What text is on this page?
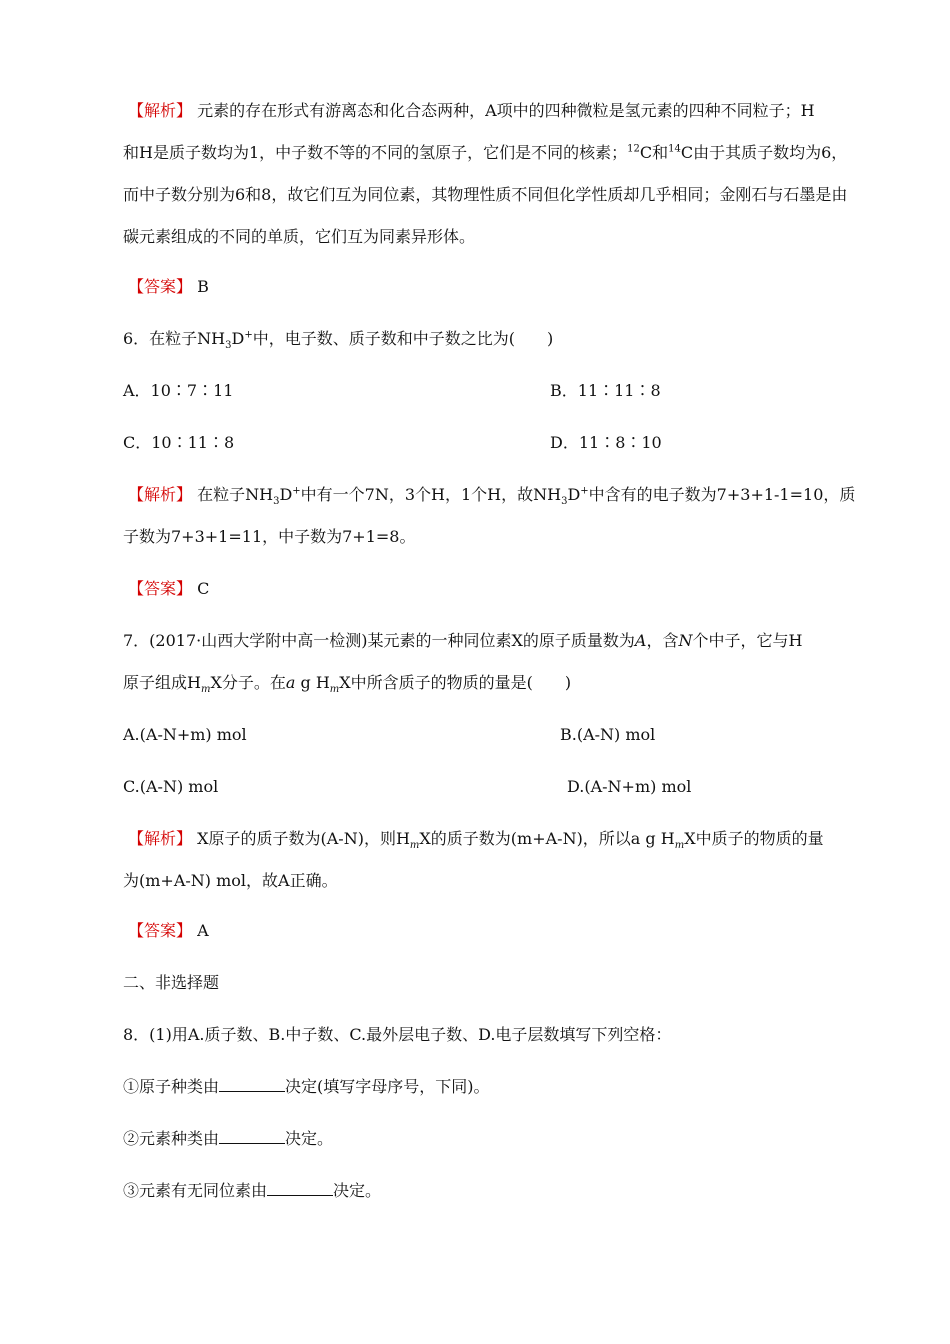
【解析】 元素的存在形式有游离态和化合态两种，A项中的四种微粒是氢元素的四种不同粒子；H
和H是质子数均为1，中子数不等的不同的氢原子，它们是不同的核素；$^{12}$C和$^{14}$C由于其质子数均为6，
而中子数分别为6和8，故它们互为同位素，其物理性质不同但化学性质却几乎相同；金刚石与石墨是由
碳元素组成的不同的单质，它们互为同素异形体。
【答案】 B
6．在粒子$NH_3D^+$中，电子数、质子数和中子数之比为(　　)
A．10∶7∶11	B．11∶11∶8
C．10∶11∶8	D．11∶8∶10
【解析】 在粒子$NH_3D^+$中有一个7N，3个H，1个H，故$NH_3D^+$中含有的电子数为7+3+1-1=10，质
子数为7+3+1=11，中子数为7+1=8。
【答案】 C
7．(2017·山西大学附中高一检测)某元素的一种同位素X的原子质量数为A，含N个中子，它与H
原子组成$H_mX$分子。在a g $H_mX$中所含质子的物质的量是(　　)
A.(A-N+m) mol	B.(A-N) mol
C.(A-N) mol	D.(A-N+m) mol
【解析】 X原子的质子数为(A-N)，则$H_mX$的质子数为(m+A-N)，所以a g $H_mX$中质子的物质的量
为(m+A-N) mol，故A正确。
【答案】 A
二、非选择题
8．(1)用A.质子数、B.中子数、C.最外层电子数、D.电子层数填写下列空格：
①原子种类由	决定(填写字母序号，下同)。
②元素种类由	决定。
③元素有无同位素由	决定。
